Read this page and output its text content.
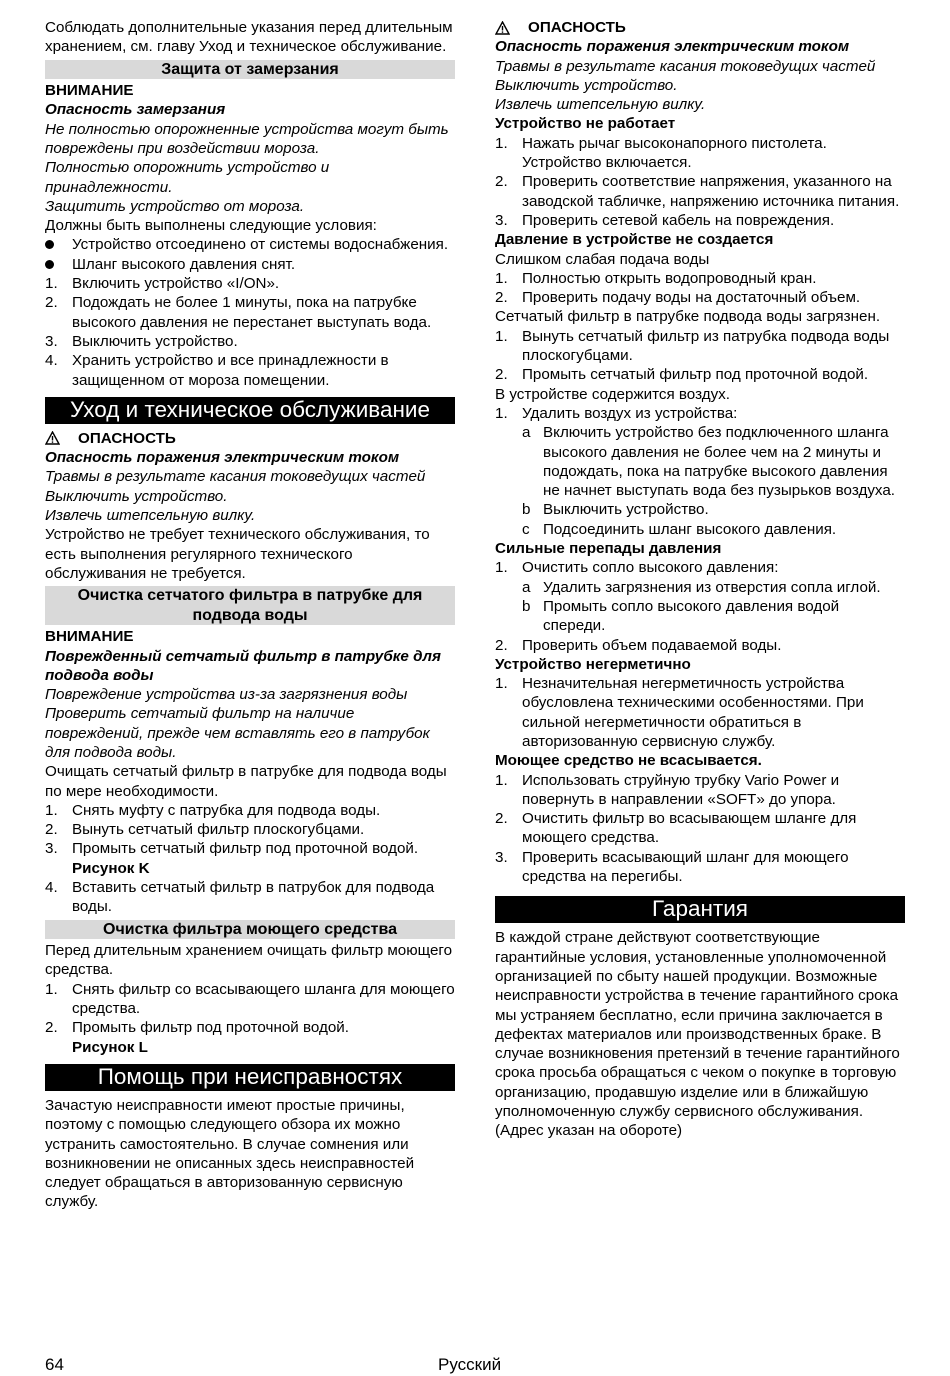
Соблюдать дополнительные указания перед длительным хранением, см. главу Уход и техническое обслуживание.

Защита от замерзания
ВНИМАНИЕ
Опасность замерзания
Не полностью опорожненные устройства могут быть повреждены при воздействии мороза.
Полностью опорожнить устройство и принадлежности.
Защитить устройство от мороза.
Должны быть выполнены следующие условия:
Устройство отсоединено от системы водоснабжения.
Шланг высокого давления снят.
1. Включить устройство «I/ON».
2. Подождать не более 1 минуты, пока на патрубке высокого давления не перестанет выступать вода.
3. Выключить устройство.
4. Хранить устройство и все принадлежности в защищенном от мороза помещении.
Уход и техническое обслуживание
ОПАСНОСТЬ
Опасность поражения электрическим током
Травмы в результате касания токоведущих частей
Выключить устройство.
Извлечь штепсельную вилку.
Устройство не требует технического обслуживания, то есть выполнения регулярного технического обслуживания не требуется.
Очистка сетчатого фильтра в патрубке для подвода воды
ВНИМАНИЕ
Поврежденный сетчатый фильтр в патрубке для подвода воды
Повреждение устройства из-за загрязнения воды
Проверить сетчатый фильтр на наличие повреждений, прежде чем вставлять его в патрубок для подвода воды.
Очищать сетчатый фильтр в патрубке для подвода воды по мере необходимости.
1. Снять муфту с патрубка для подвода воды.
2. Вынуть сетчатый фильтр плоскогубцами.
3. Промыть сетчатый фильтр под проточной водой.
Рисунок K
4. Вставить сетчатый фильтр в патрубок для подвода воды.
Очистка фильтра моющего средства
Перед длительным хранением очищать фильтр моющего средства.
1. Снять фильтр со всасывающего шланга для моющего средства.
2. Промыть фильтр под проточной водой.
Рисунок L
Помощь при неисправностях
Зачастую неисправности имеют простые причины, поэтому с помощью следующего обзора их можно устранить самостоятельно. В случае сомнения или возникновении не описанных здесь неисправностей следует обращаться в авторизованную сервисную службу.
ОПАСНОСТЬ
Опасность поражения электрическим током
Травмы в результате касания токоведущих частей
Выключить устройство.
Извлечь штепсельную вилку.
Устройство не работает
1. Нажать рычаг высоконапорного пистолета. Устройство включается.
2. Проверить соответствие напряжения, указанного на заводской табличке, напряжению источника питания.
3. Проверить сетевой кабель на повреждения.
Давление в устройстве не создается
Слишком слабая подача воды
1. Полностью открыть водопроводный кран.
2. Проверить подачу воды на достаточный объем.
Сетчатый фильтр в патрубке подвода воды загрязнен.
1. Вынуть сетчатый фильтр из патрубка подвода воды плоскогубцами.
2. Промыть сетчатый фильтр под проточной водой.
В устройстве содержится воздух.
1. Удалить воздух из устройства:
a Включить устройство без подключенного шланга высокого давления не более чем на 2 минуты и подождать, пока на патрубке высокого давления не начнет выступать вода без пузырьков воздуха.
b Выключить устройство.
c Подсоединить шланг высокого давления.
Сильные перепады давления
1. Очистить сопло высокого давления:
a Удалить загрязнения из отверстия сопла иглой.
b Промыть сопло высокого давления водой спереди.
2. Проверить объем подаваемой воды.
Устройство негерметично
1. Незначительная негерметичность устройства обусловлена техническими особенностями. При сильной негерметичности обратиться в авторизованную сервисную службу.
Моющее средство не всасывается.
1. Использовать струйную трубку Vario Power и повернуть в направлении «SOFT» до упора.
2. Очистить фильтр во всасывающем шланге для моющего средства.
3. Проверить всасывающий шланг для моющего средства на перегибы.
Гарантия
В каждой стране действуют соответствующие гарантийные условия, установленные уполномоченной организацией по сбыту нашей продукции. Возможные неисправности устройства в течение гарантийного срока мы устраняем бесплатно, если причина заключается в дефектах материалов или производственных браке. В случае возникновения претензий в течение гарантийного срока просьба обращаться с чеком о покупке в торговую организацию, продавшую изделие или в ближайшую уполномоченную службу сервисного обслуживания.
(Адрес указан на обороте)
64	Русский
